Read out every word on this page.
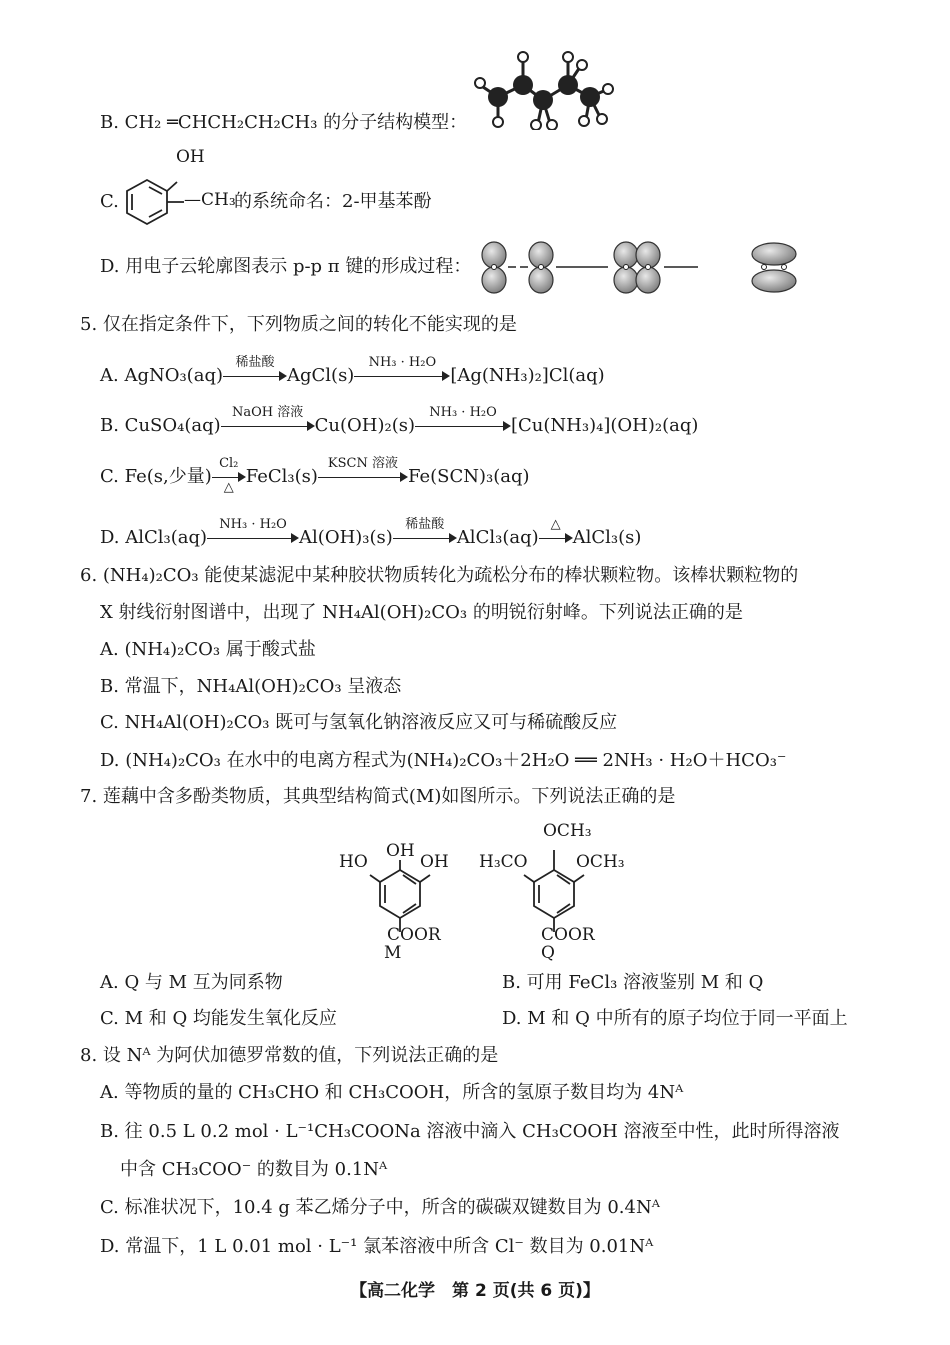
B. CH₂ ═CHCH₂CH₂CH₃ 的分子结构模型：
C.
OH
—CH₃
的系统命名：2-甲基苯酚
D. 用电子云轮廓图表示 p-p π 键的形成过程：
5. 仅在指定条件下，下列物质之间的转化不能实现的是
A. AgNO₃(aq)
稀盐酸
AgCl(s)
NH₃ · H₂O
[Ag(NH₃)₂]Cl(aq)
B. CuSO₄(aq)
NaOH 溶液
Cu(OH)₂(s)
NH₃ · H₂O
[Cu(NH₃)₄](OH)₂(aq)
C. Fe(s,少量)
Cl₂
△
FeCl₃(s)
KSCN 溶液
Fe(SCN)₃(aq)
D. AlCl₃(aq)
NH₃ · H₂O
Al(OH)₃(s)
稀盐酸
AlCl₃(aq)
△
AlCl₃(s)
6. (NH₄)₂CO₃ 能使某滤泥中某种胶状物质转化为疏松分布的棒状颗粒物。该棒状颗粒物的
X 射线衍射图谱中，出现了 NH₄Al(OH)₂CO₃ 的明锐衍射峰。下列说法正确的是
A. (NH₄)₂CO₃ 属于酸式盐
B. 常温下，NH₄Al(OH)₂CO₃ 呈液态
C. NH₄Al(OH)₂CO₃ 既可与氢氧化钠溶液反应又可与稀硫酸反应
D. (NH₄)₂CO₃ 在水中的电离方程式为(NH₄)₂CO₃＋2H₂O ══ 2NH₃ · H₂O＋HCO₃⁻
7. 莲藕中含多酚类物质，其典型结构简式(M)如图所示。下列说法正确的是
HO
OH
OH
COOR
M
OCH₃
H₃CO	OCH₃
COOR
Q
A. Q 与 M 互为同系物	B. 可用 FeCl₃ 溶液鉴别 M 和 Q
C. M 和 Q 均能发生氧化反应	D. M 和 Q 中所有的原子均位于同一平面上
8. 设 Nᴬ 为阿伏加德罗常数的值，下列说法正确的是
A. 等物质的量的 CH₃CHO 和 CH₃COOH，所含的氢原子数目均为 4Nᴬ
B. 往 0.5 L 0.2 mol · L⁻¹CH₃COONa 溶液中滴入 CH₃COOH 溶液至中性，此时所得溶液
中含 CH₃COO⁻ 的数目为 0.1Nᴬ
C. 标准状况下，10.4 g 苯乙烯分子中，所含的碳碳双键数目为 0.4Nᴬ
D. 常温下，1 L 0.01 mol · L⁻¹ 氯苯溶液中所含 Cl⁻ 数目为 0.01Nᴬ
【高二化学　第 2 页(共 6 页)】
